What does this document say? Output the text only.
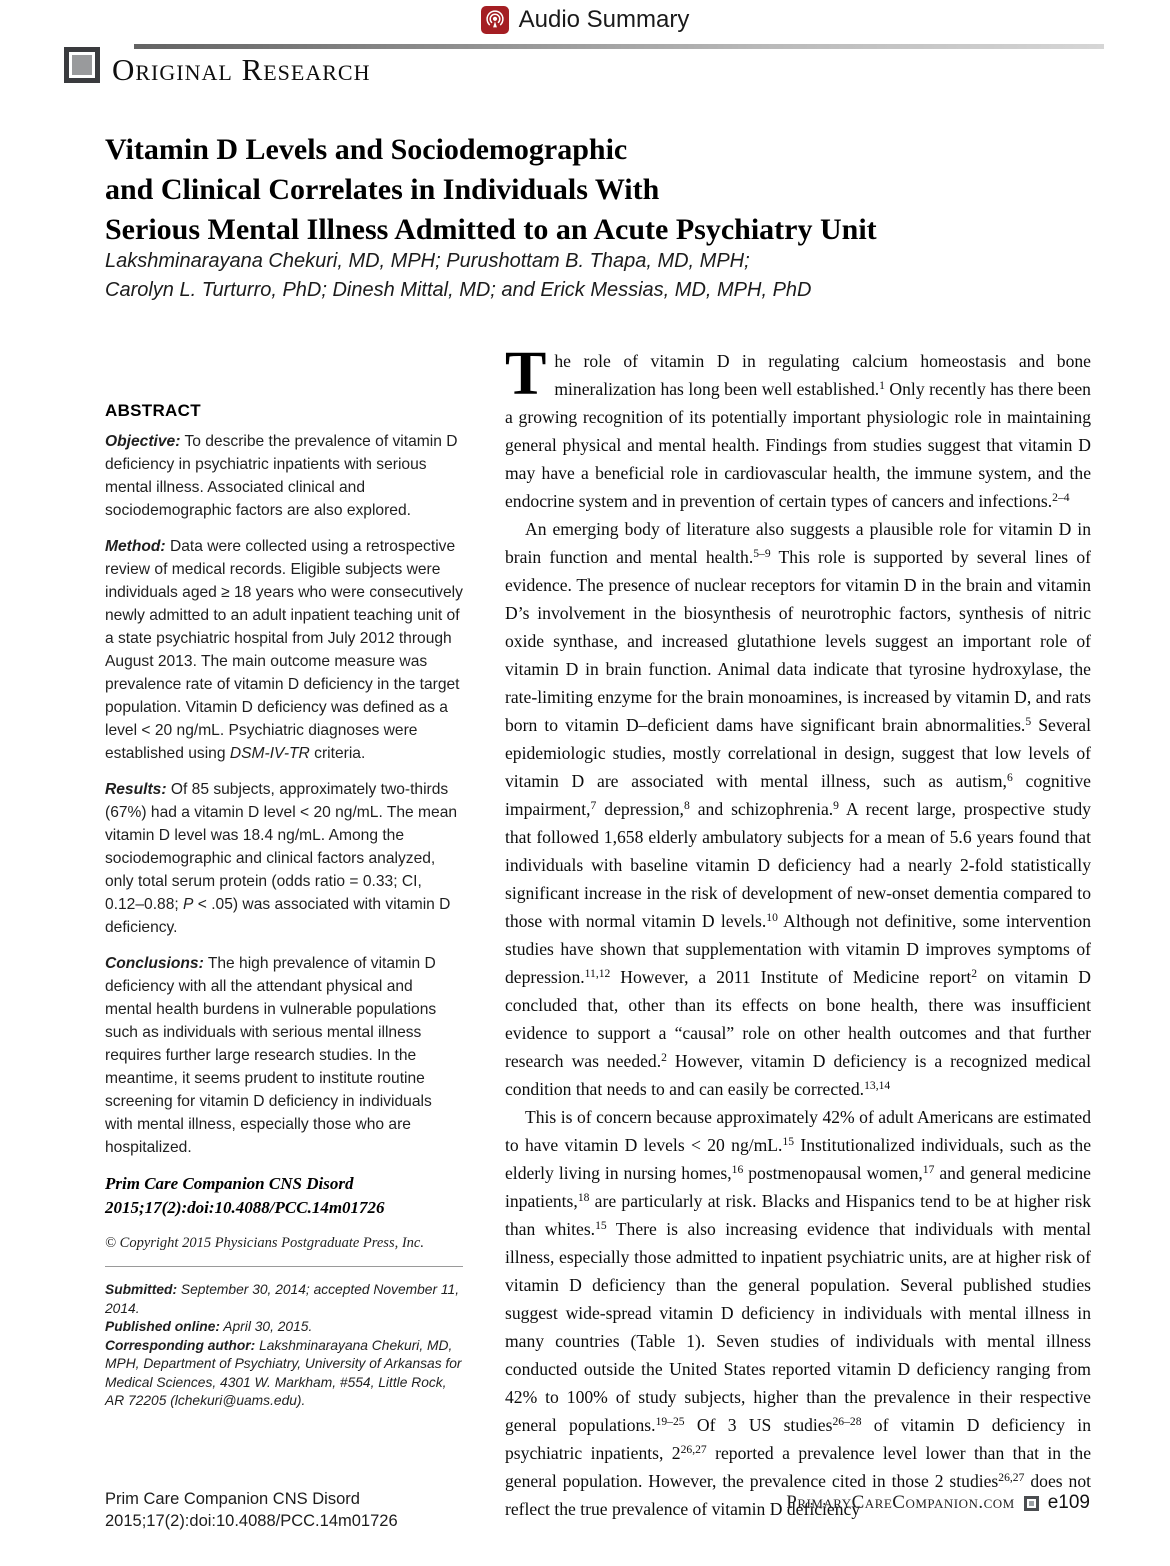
Audio Summary
Original Research
Vitamin D Levels and Sociodemographic
and Clinical Correlates in Individuals With
Serious Mental Illness Admitted to an Acute Psychiatry Unit
Lakshminarayana Chekuri, MD, MPH; Purushottam B. Thapa, MD, MPH;
Carolyn L. Turturro, PhD; Dinesh Mittal, MD; and Erick Messias, MD, MPH, PhD
ABSTRACT

Objective: To describe the prevalence of vitamin D deficiency in psychiatric inpatients with serious mental illness. Associated clinical and sociodemographic factors are also explored.

Method: Data were collected using a retrospective review of medical records. Eligible subjects were individuals aged ≥ 18 years who were consecutively newly admitted to an adult inpatient teaching unit of a state psychiatric hospital from July 2012 through August 2013. The main outcome measure was prevalence rate of vitamin D deficiency in the target population. Vitamin D deficiency was defined as a level < 20 ng/mL. Psychiatric diagnoses were established using DSM-IV-TR criteria.

Results: Of 85 subjects, approximately two-thirds (67%) had a vitamin D level < 20 ng/mL. The mean vitamin D level was 18.4 ng/mL. Among the sociodemographic and clinical factors analyzed, only total serum protein (odds ratio = 0.33; CI, 0.12–0.88; P < .05) was associated with vitamin D deficiency.

Conclusions: The high prevalence of vitamin D deficiency with all the attendant physical and mental health burdens in vulnerable populations such as individuals with serious mental illness requires further large research studies. In the meantime, it seems prudent to institute routine screening for vitamin D deficiency in individuals with mental illness, especially those who are hospitalized.

Prim Care Companion CNS Disord 2015;17(2):doi:10.4088/PCC.14m01726

© Copyright 2015 Physicians Postgraduate Press, Inc.

Submitted: September 30, 2014; accepted November 11, 2014.

Published online: April 30, 2015.

Corresponding author: Lakshminarayana Chekuri, MD, MPH, Department of Psychiatry, University of Arkansas for Medical Sciences, 4301 W. Markham, #554, Little Rock, AR 72205 (lchekuri@uams.edu).

The role of vitamin D in regulating calcium homeostasis and bone mineralization has long been well established.$^1$ Only recently has there been a growing recognition of its potentially important physiologic role in maintaining general physical and mental health. Findings from studies suggest that vitamin D may have a beneficial role in cardiovascular health, the immune system, and the endocrine system and in prevention of certain types of cancers and infections.$^{2-4}$

An emerging body of literature also suggests a plausible role for vitamin D in brain function and mental health.$^{5-9}$ This role is supported by several lines of evidence. The presence of nuclear receptors for vitamin D in the brain and vitamin D’s involvement in the biosynthesis of neurotrophic factors, synthesis of nitric oxide synthase, and increased glutathione levels suggest an important role of vitamin D in brain function. Animal data indicate that tyrosine hydroxylase, the rate-limiting enzyme for the brain monoamines, is increased by vitamin D, and rats born to vitamin D–deficient dams have significant brain abnormalities.$^5$ Several epidemiologic studies, mostly correlational in design, suggest that low levels of vitamin D are associated with mental illness, such as autism,$^6$ cognitive impairment,$^7$ depression,$^8$ and schizophrenia.$^9$ A recent large, prospective study that followed 1,658 elderly ambulatory subjects for a mean of 5.6 years found that individuals with baseline vitamin D deficiency had a nearly 2-fold statistically significant increase in the risk of development of new-onset dementia compared to those with normal vitamin D levels.$^{10}$ Although not definitive, some intervention studies have shown that supplementation with vitamin D improves symptoms of depression.$^{11,12}$ However, a 2011 Institute of Medicine report$^2$ on vitamin D concluded that, other than its effects on bone health, there was insufficient evidence to support a “causal” role on other health outcomes and that further research was needed.$^2$ However, vitamin D deficiency is a recognized medical condition that needs to and can easily be corrected.$^{13,14}$

This is of concern because approximately 42% of adult Americans are estimated to have vitamin D levels < 20 ng/mL.$^{15}$ Institutionalized individuals, such as the elderly living in nursing homes,$^{16}$ postmenopausal women,$^{17}$ and general medicine inpatients,$^{18}$ are particularly at risk. Blacks and Hispanics tend to be at higher risk than whites.$^{15}$ There is also increasing evidence that individuals with mental illness, especially those admitted to inpatient psychiatric units, are at higher risk of vitamin D deficiency than the general population. Several published studies suggest wide-spread vitamin D deficiency in individuals with mental illness in many countries (Table 1). Seven studies of individuals with mental illness conducted outside the United States reported vitamin D deficiency ranging from 42% to 100% of study subjects, higher than the prevalence in their respective general populations.$^{19-25}$ Of 3 US studies$^{26-28}$ of vitamin D deficiency in psychiatric inpatients, 2$^{26,27}$ reported a prevalence level lower than that in the general population. However, the prevalence cited in those 2 studies$^{26,27}$ does not reflect the true prevalence of vitamin D deficiency

Prim Care Companion CNS Disord
2015;17(2):doi:10.4088/PCC.14m01726
PrimaryCareCompanion.com e109
